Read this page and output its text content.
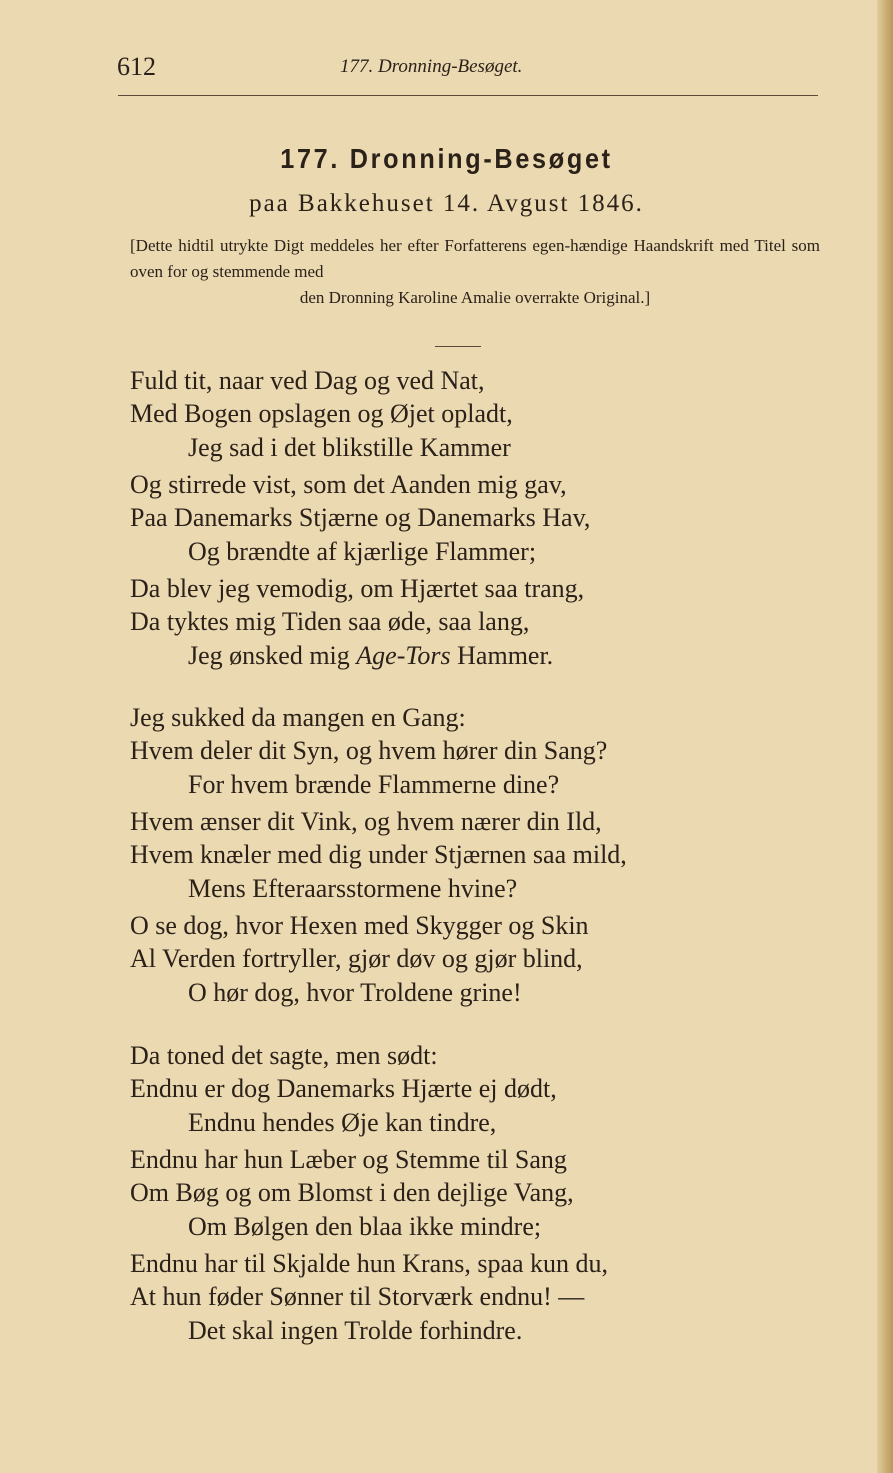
612	177. Dronning-Besøget.
177. Dronning-Besøget
paa Bakkehuset 14. Avgust 1846.
[Dette hidtil utrykte Digt meddeles her efter Forfatterens egen-hændige Haandskrift med Titel som oven for og stemmende med
den Dronning Karoline Amalie overrakte Original.]
Fuld tit, naar ved Dag og ved Nat,
Med Bogen opslagen og Øjet opladt,
Jeg sad i det blikstille Kammer
Og stirrede vist, som det Aanden mig gav,
Paa Danemarks Stjærne og Danemarks Hav,
Og brændte af kjærlige Flammer;
Da blev jeg vemodig, om Hjærtet saa trang,
Da tyktes mig Tiden saa øde, saa lang,
Jeg ønsked mig Age-Tors Hammer.
Jeg sukked da mangen en Gang:
Hvem deler dit Syn, og hvem hører din Sang?
For hvem brænde Flammerne dine?
Hvem ænser dit Vink, og hvem nærer din Ild,
Hvem knæler med dig under Stjærnen saa mild,
Mens Efteraarsstormene hvine?
O se dog, hvor Hexen med Skygger og Skin
Al Verden fortryller, gjør døv og gjør blind,
O hør dog, hvor Troldene grine!
Da toned det sagte, men sødt:
Endnu er dog Danemarks Hjærte ej dødt,
Endnu hendes Øje kan tindre,
Endnu har hun Læber og Stemme til Sang
Om Bøg og om Blomst i den dejlige Vang,
Om Bølgen den blaa ikke mindre;
Endnu har til Skjalde hun Krans, spaa kun du,
At hun føder Sønner til Storværk endnu! —
Det skal ingen Trolde forhindre.
